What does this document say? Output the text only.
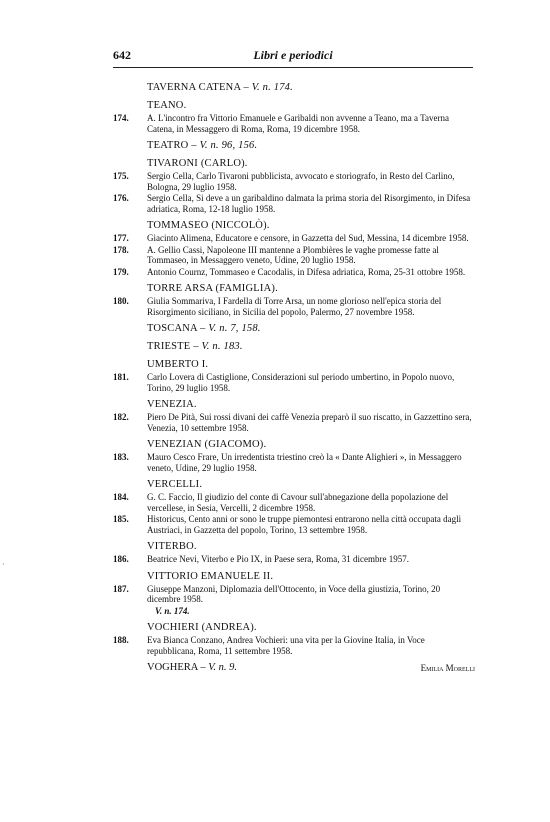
642	Libri e periodici
TAVERNA CATENA – V. n. 174.
TEANO.
174.	A. L'incontro fra Vittorio Emanuele e Garibaldi non avvenne a Teano, ma a Taverna Catena, in Messaggero di Roma, Roma, 19 dicembre 1958.
TEATRO – V. n. 96, 156.
TIVARONI (CARLO).
175.	Sergio Cella, Carlo Tivaroni pubblicista, avvocato e storiografo, in Resto del Carlino, Bologna, 29 luglio 1958.
176.	Sergio Cella, Si deve a un garibaldino dalmata la prima storia del Risorgimento, in Difesa adriatica, Roma, 12-18 luglio 1958.
TOMMASEO (NICCOLÒ).
177.	Giacinto Alimena, Educatore e censore, in Gazzetta del Sud, Messina, 14 dicembre 1958.
178.	A. Gellio Cassi, Napoleone III mantenne a Plombières le vaghe promesse fatte al Tommaseo, in Messaggero veneto, Udine, 20 luglio 1958.
179.	Antonio Cournz, Tommaseo e Cacodalis, in Difesa adriatica, Roma, 25-31 ottobre 1958.
TORRE ARSA (FAMIGLIA).
180.	Giulia Sommariva, I Fardella di Torre Arsa, un nome glorioso nell'epica storia del Risorgimento siciliano, in Sicilia del popolo, Palermo, 27 novembre 1958.
TOSCANA – V. n. 7, 158.
TRIESTE – V. n. 183.
UMBERTO I.
181.	Carlo Lovera di Castiglione, Considerazioni sul periodo umbertino, in Popolo nuovo, Torino, 29 luglio 1958.
VENEZIA.
182.	Piero De Pità, Sui rossi divani dei caffè Venezia preparò il suo riscatto, in Gazzettino sera, Venezia, 10 settembre 1958.
VENEZIAN (GIACOMO).
183.	Mauro Cesco Frare, Un irredentista triestino creò la « Dante Alighieri », in Messaggero veneto, Udine, 29 luglio 1958.
VERCELLI.
184.	G. C. Faccio, Il giudizio del conte di Cavour sull'abnegazione della popolazione del vercellese, in Sesia, Vercelli, 2 dicembre 1958.
185.	Historicus, Cento anni or sono le truppe piemontesi entrarono nella città occupata dagli Austriaci, in Gazzetta del popolo, Torino, 13 settembre 1958.
VITERBO.
186.	Beatrice Nevi, Viterbo e Pio IX, in Paese sera, Roma, 31 dicembre 1957.
VITTORIO EMANUELE II.
187.	Giuseppe Manzoni, Diplomazia dell'Ottocento, in Voce della giustizia, Torino, 20 dicembre 1958.
V. n. 174.
VOCHIERI (ANDREA).
188.	Eva Bianca Conzano, Andrea Vochieri: una vita per la Giovine Italia, in Voce repubblicana, Roma, 11 settembre 1958.
VOGHERA – V. n. 9.	Emilia Morelli
·
